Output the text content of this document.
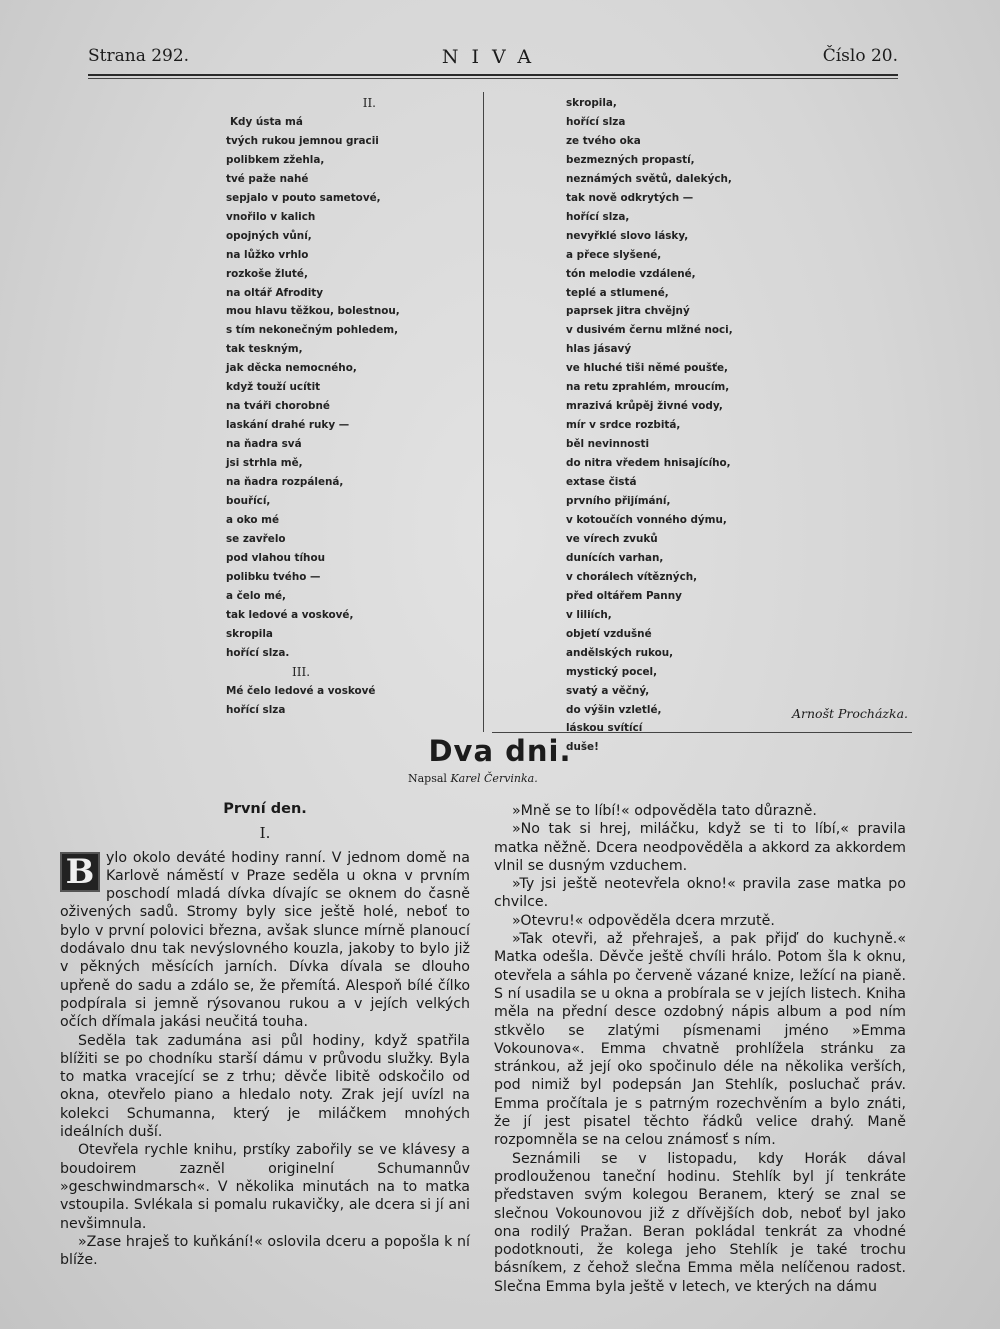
Strana 292.	NIVA	Číslo 20.
II.
Kdy ústa má
tvých rukou jemnou gracii
polibkem zžehla,
tvé paže nahé
sepjalo v pouto sametové,
vnořilo v kalich
opojných vůní,
na lůžko vrhlo
rozkoše žluté,
na oltář Afrodity
mou hlavu těžkou, bolestnou,
s tím nekonečným pohledem,
tak teskným,
jak děcka nemocného,
když touží ucítit
na tváři chorobné
laskání drahé ruky —
na ňadra svá
jsi strhla mě,
na ňadra rozpálená,
bouřící,
a oko mé
se zavřelo
pod vlahou tíhou
polibku tvého —
a čelo mé,
tak ledové a voskové,
skropila
hořící slza.
III.
Mé čelo ledové a voskové
hořící slza
skropila,
hořící slza
ze tvého oka
bezmezných propastí,
neznámých světů, dalekých,
tak nově odkrytých —
hořící slza,
nevyřklé slovo lásky,
a přece slyšené,
tón melodie vzdálené,
teplé a stlumené,
paprsek jitra chvějný
v dusivém černu mlžné noci,
hlas jásavý
ve hluché tiši němé poušťe,
na retu zprahlém, mroucím,
mrazivá krůpěj živné vody,
mír v srdce rozbitá,
běl nevinnosti
do nitra vředem hnisajícího,
extase čistá
prvního přijímání,
v kotoučích vonného dýmu,
ve vírech zvuků
dunících varhan,
v chorálech vítězných,
před oltářem Panny
v liliích,
objetí vzdušné
andělských rukou,
mystický pocel,
svatý a věčný,
do výšin vzletlé,
láskou svítící
duše!
Arnošt Procházka.
Dva dni.
Napsal Karel Červinka.
První den.
I.

B ylo okolo deváté hodiny ranní. V jednom domě na Karlově náměstí v Praze seděla u okna v prvním poschodí mladá dívka dívajíc se oknem do časně oživených sadů. Stromy byly sice ještě holé, neboť to bylo v první polovici března, avšak slunce mírně planoucí dodávalo dnu tak nevýslovného kouzla, jakoby to bylo již v pěkných měsících jarních. Dívka dívala se dlouho upřeně do sadu a zdálo se, že přemítá. Alespoň bílé čílko podpírala si jemně rýsovanou rukou a v jejích velkých očích dřímala jakási neučitá touha.

Seděla tak zadumána asi půl hodiny, když spatřila blížiti se po chodníku starší dámu v průvodu služky. Byla to matka vracející se z trhu; děvče libitě odskočilo od okna, otevřelo piano a hledalo noty. Zrak její uvízl na kolekci Schumanna, který je miláčkem mnohých ideálních duší.

Otevřela rychle knihu, prstíky zabořily se ve klávesy a boudoirem zazněl originelní Schumannův »geschwindmarsch«. V několika minutách na to matka vstoupila. Svlékala si pomalu rukavičky, ale dcera si jí ani nevšimnula.

»Zase hraješ to kuňkání!« oslovila dceru a popošla k ní blíže.

»Mně se to líbí!« odpověděla tato důrazně.

»No tak si hrej, miláčku, když se ti to líbí,« pravila matka něžně. Dcera neodpověděla a akkord za akkordem vlnil se dusným vzduchem.

»Ty jsi ještě neotevřela okno!« pravila zase matka po chvilce.

»Otevru!« odpověděla dcera mrzutě.

»Tak otevři, až přehraješ, a pak přijď do kuchyně.« Matka odešla. Děvče ještě chvíli hrálo. Potom šla k oknu, otevřela a sáhla po červeně vázané knize, ležící na pianě. S ní usadila se u okna a probírala se v jejích listech. Kniha měla na přední desce ozdobný nápis album a pod ním stkvělo se zlatými písmenami jméno »Emma Vokounova«. Emma chvatně prohlížela stránku za stránkou, až její oko spočinulo déle na několika verších, pod nimiž byl podepsán Jan Stehlík, posluchač práv. Emma pročítala je s patrným rozechvěním a bylo znáti, že jí jest pisatel těchto řádků velice drahý. Maně rozpomněla se na celou známosť s ním.

Seznámili se v listopadu, kdy Horák dával prodlouženou taneční hodinu. Stehlík byl jí tenkráte představen svým kolegou Beranem, který se znal se slečnou Vokounovou již z dřívějších dob, neboť byl jako ona rodilý Pražan. Beran pokládal tenkrát za vhodné podotknouti, že kolega jeho Stehlík je také trochu básníkem, z čehož slečna Emma měla nelíčenou radost. Slečna Emma byla ještě v letech, ve kterých na dámu
